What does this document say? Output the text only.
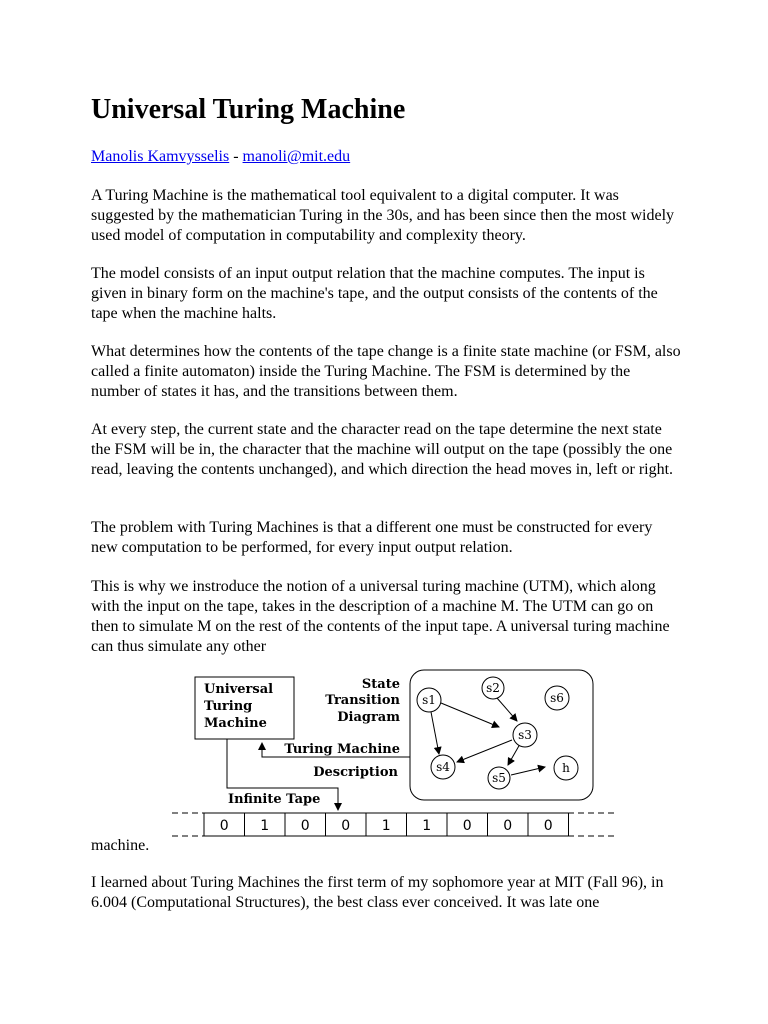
Universal Turing Machine
Manolis Kamvysselis - manoli@mit.edu

A Turing Machine is the mathematical tool equivalent to a digital computer. It was suggested by the mathematician Turing in the 30s, and has been since then the most widely used model of computation in computability and complexity theory.

The model consists of an input output relation that the machine computes. The input is given in binary form on the machine's tape, and the output consists of the contents of the tape when the machine halts.

What determines how the contents of the tape change is a finite state machine (or FSM, also called a finite automaton) inside the Turing Machine. The FSM is determined by the number of states it has, and the transitions between them.

At every step, the current state and the character read on the tape determine the next state the FSM will be in, the character that the machine will output on the tape (possibly the one read, leaving the contents unchanged), and which direction the head moves in, left or right.

The problem with Turing Machines is that a different one must be constructed for every new computation to be performed, for every input output relation.

This is why we instroduce the notion of a universal turing machine (UTM), which along with the input on the tape, takes in the description of a machine M. The UTM can go on then to simulate M on the rest of the contents of the input tape. A universal turing machine can thus simulate any other

I learned about Turing Machines the first term of my sophomore year at MIT (Fall 96), in 6.004 (Computational Structures), the best class ever conceived. It was late one

Universal
Turing
Machine
State
Transition
Diagram
Turing Machine
Description
Infinite Tape
0 1 0 0 1 1 0 0 0
s1
s2
s3
s4
s5
s6
h
machine.
